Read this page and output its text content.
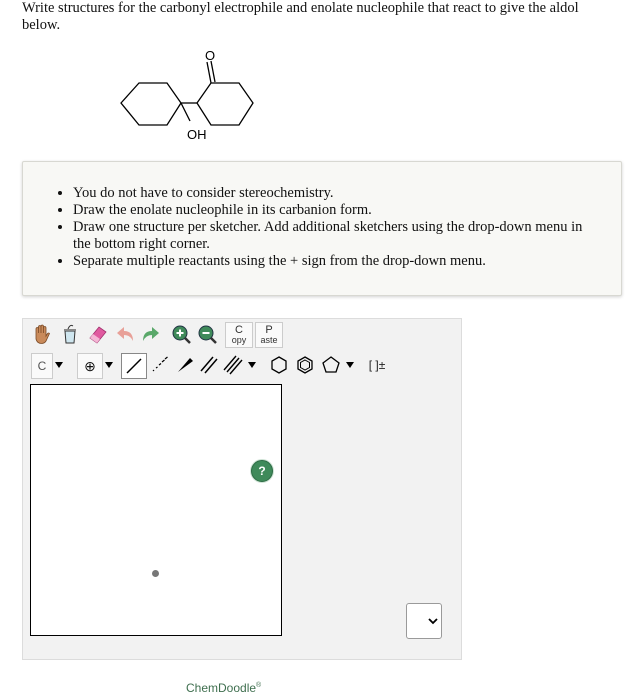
Write structures for the carbonyl electrophile and enolate nucleophile that react to give the aldol below.
O
OH
• You do not have to consider stereochemistry.
• Draw the enolate nucleophile in its carbanion form.
• Draw one structure per sketcher. Add additional sketchers using the drop-down menu in the bottom right corner.
• Separate multiple reactants using the + sign from the drop-down menu.
C
opy
P
aste
C	⊕	[ ]±
?
ChemDoodle®
